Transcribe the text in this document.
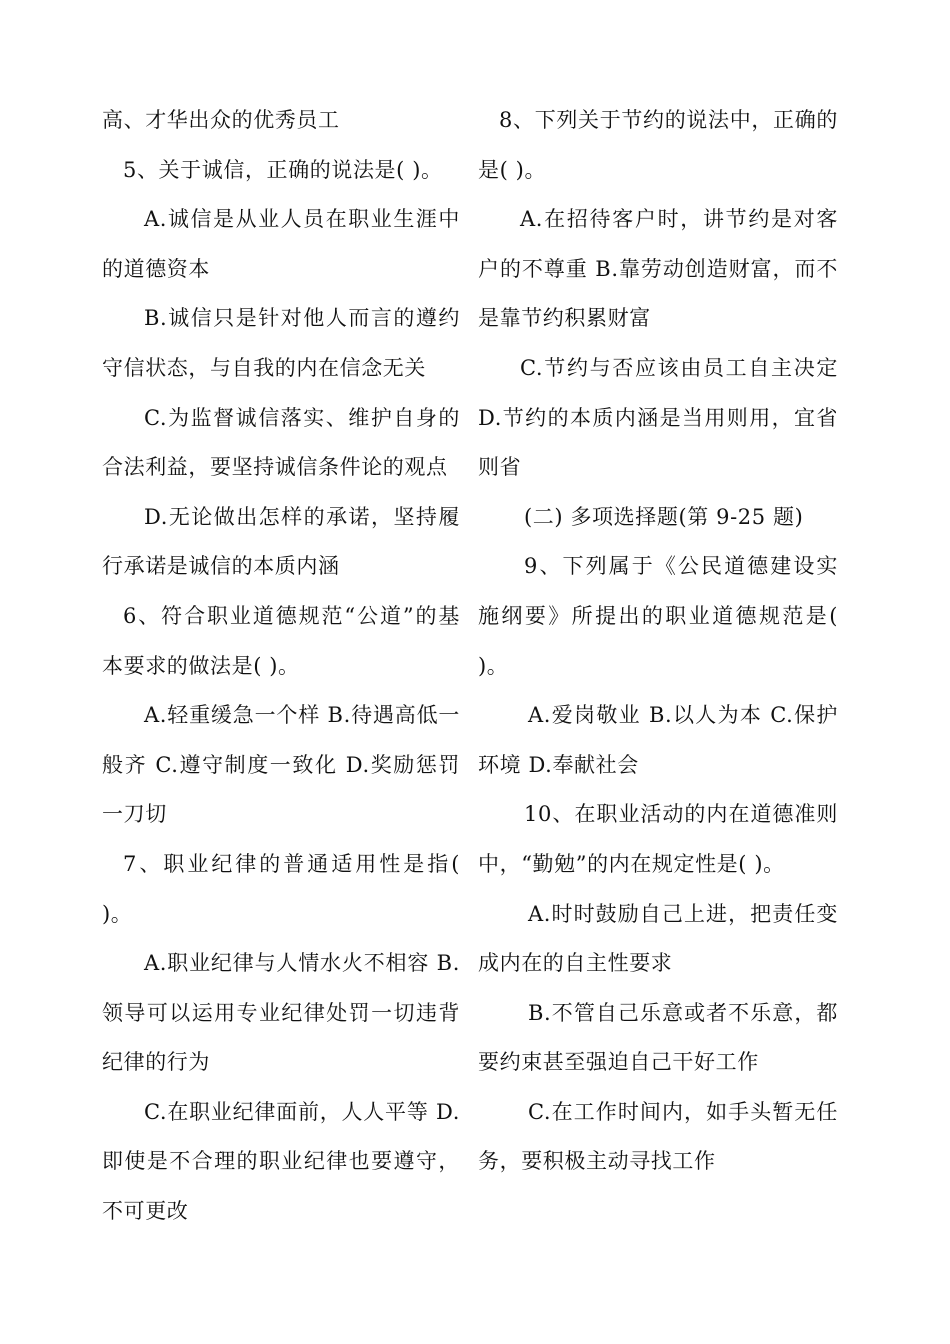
高、才华出众的优秀员工

5、关于诚信，正确的说法是( )。

A.诚信是从业人员在职业生涯中的道德资本

B.诚信只是针对他人而言的遵约守信状态，与自我的内在信念无关

C.为监督诚信落实、维护自身的合法利益，要坚持诚信条件论的观点

D.无论做出怎样的承诺，坚持履行承诺是诚信的本质内涵

6、符合职业道德规范“公道”的基本要求的做法是( )。

A.轻重缓急一个样 B.待遇高低一般齐 C.遵守制度一致化 D.奖励惩罚一刀切

7、职业纪律的普通适用性是指( )。

A.职业纪律与人情水火不相容 B.领导可以运用专业纪律处罚一切违背纪律的行为

C.在职业纪律面前，人人平等 D.即使是不合理的职业纪律也要遵守，不可更改

8、下列关于节约的说法中，正确的是( )。

A.在招待客户时，讲节约是对客户的不尊重 B.靠劳动创造财富，而不是靠节约积累财富

C.节约与否应该由员工自主决定 D.节约的本质内涵是当用则用，宜省则省

(二) 多项选择题(第 9-25 题)

9、下列属于《公民道德建设实施纲要》所提出的职业道德规范是( )。

A.爱岗敬业 B.以人为本 C.保护环境 D.奉献社会

10、在职业活动的内在道德准则中，“勤勉”的内在规定性是( )。

A.时时鼓励自己上进，把责任变成内在的自主性要求

B.不管自己乐意或者不乐意，都要约束甚至强迫自己干好工作

C.在工作时间内，如手头暂无任务，要积极主动寻找工作
